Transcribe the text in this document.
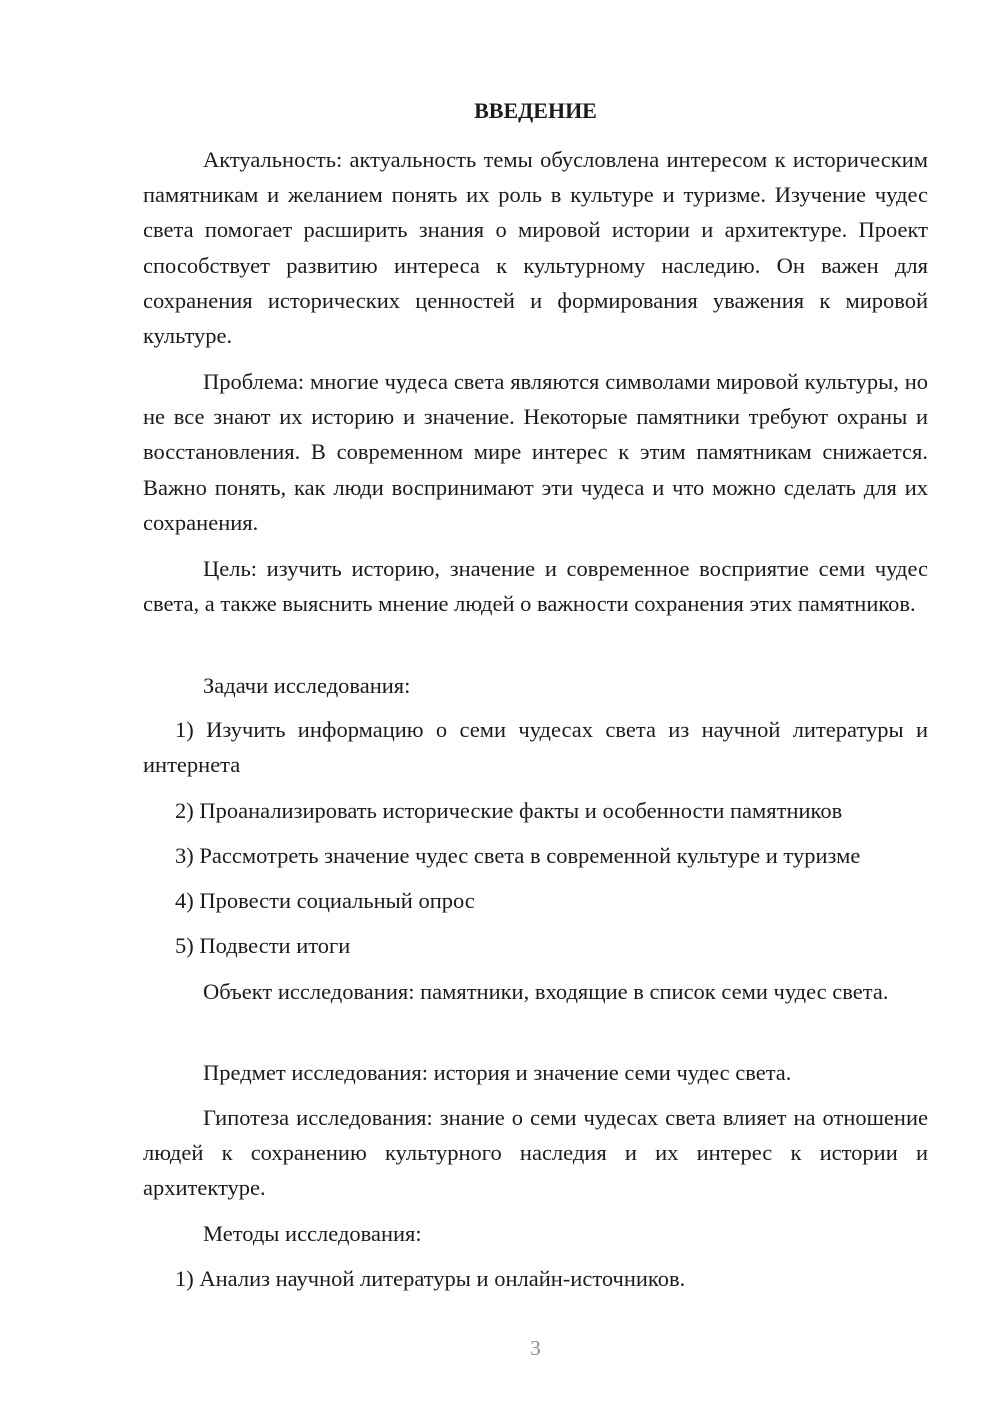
ВВЕДЕНИЕ

Актуальность: актуальность темы обусловлена интересом к историческим памятникам и желанием понять их роль в культуре и туризме. Изучение чудес света помогает расширить знания о мировой истории и архитектуре. Проект способствует развитию интереса к культурному наследию. Он важен для сохранения исторических ценностей и формирования уважения к мировой культуре.

Проблема: многие чудеса света являются символами мировой культуры, но не все знают их историю и значение. Некоторые памятники требуют охраны и восстановления. В современном мире интерес к этим памятникам снижается. Важно понять, как люди воспринимают эти чудеса и что можно сделать для их сохранения.

Цель: изучить историю, значение и современное восприятие семи чудес света, а также выяснить мнение людей о важности сохранения этих памятников.

Задачи исследования:

1) Изучить информацию о семи чудесах света из научной литературы и интернета

2) Проанализировать исторические факты и особенности памятников

3) Рассмотреть значение чудес света в современной культуре и туризме

4) Провести социальный опрос

5) Подвести итоги

Объект исследования: памятники, входящие в список семи чудес света.

Предмет исследования: история и значение семи чудес света.

Гипотеза исследования: знание о семи чудесах света влияет на отношение людей к сохранению культурного наследия и их интерес к истории и архитектуре.

Методы исследования:

1) Анализ научной литературы и онлайн-источников.

3
